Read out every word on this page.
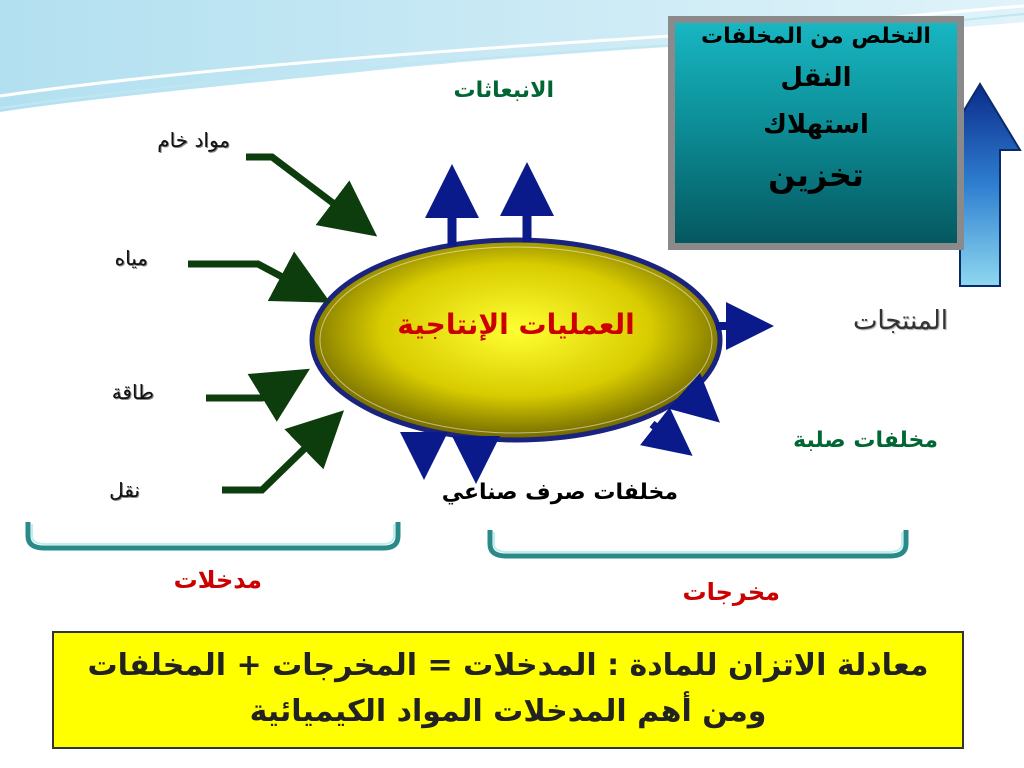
العمليات الإنتاجية
مواد خام
مياه
طاقة
نقل
الانبعاثات
المنتجات
مخلفات صلبة
مخلفات صرف صناعي
مدخلات	مخرجات
التخلص من المخلفات
النقل
استهلاك
تخزين
معادلة الاتزان للمادة : المدخلات = المخرجات + المخلفات
ومن أهم المدخلات المواد الكيميائية
